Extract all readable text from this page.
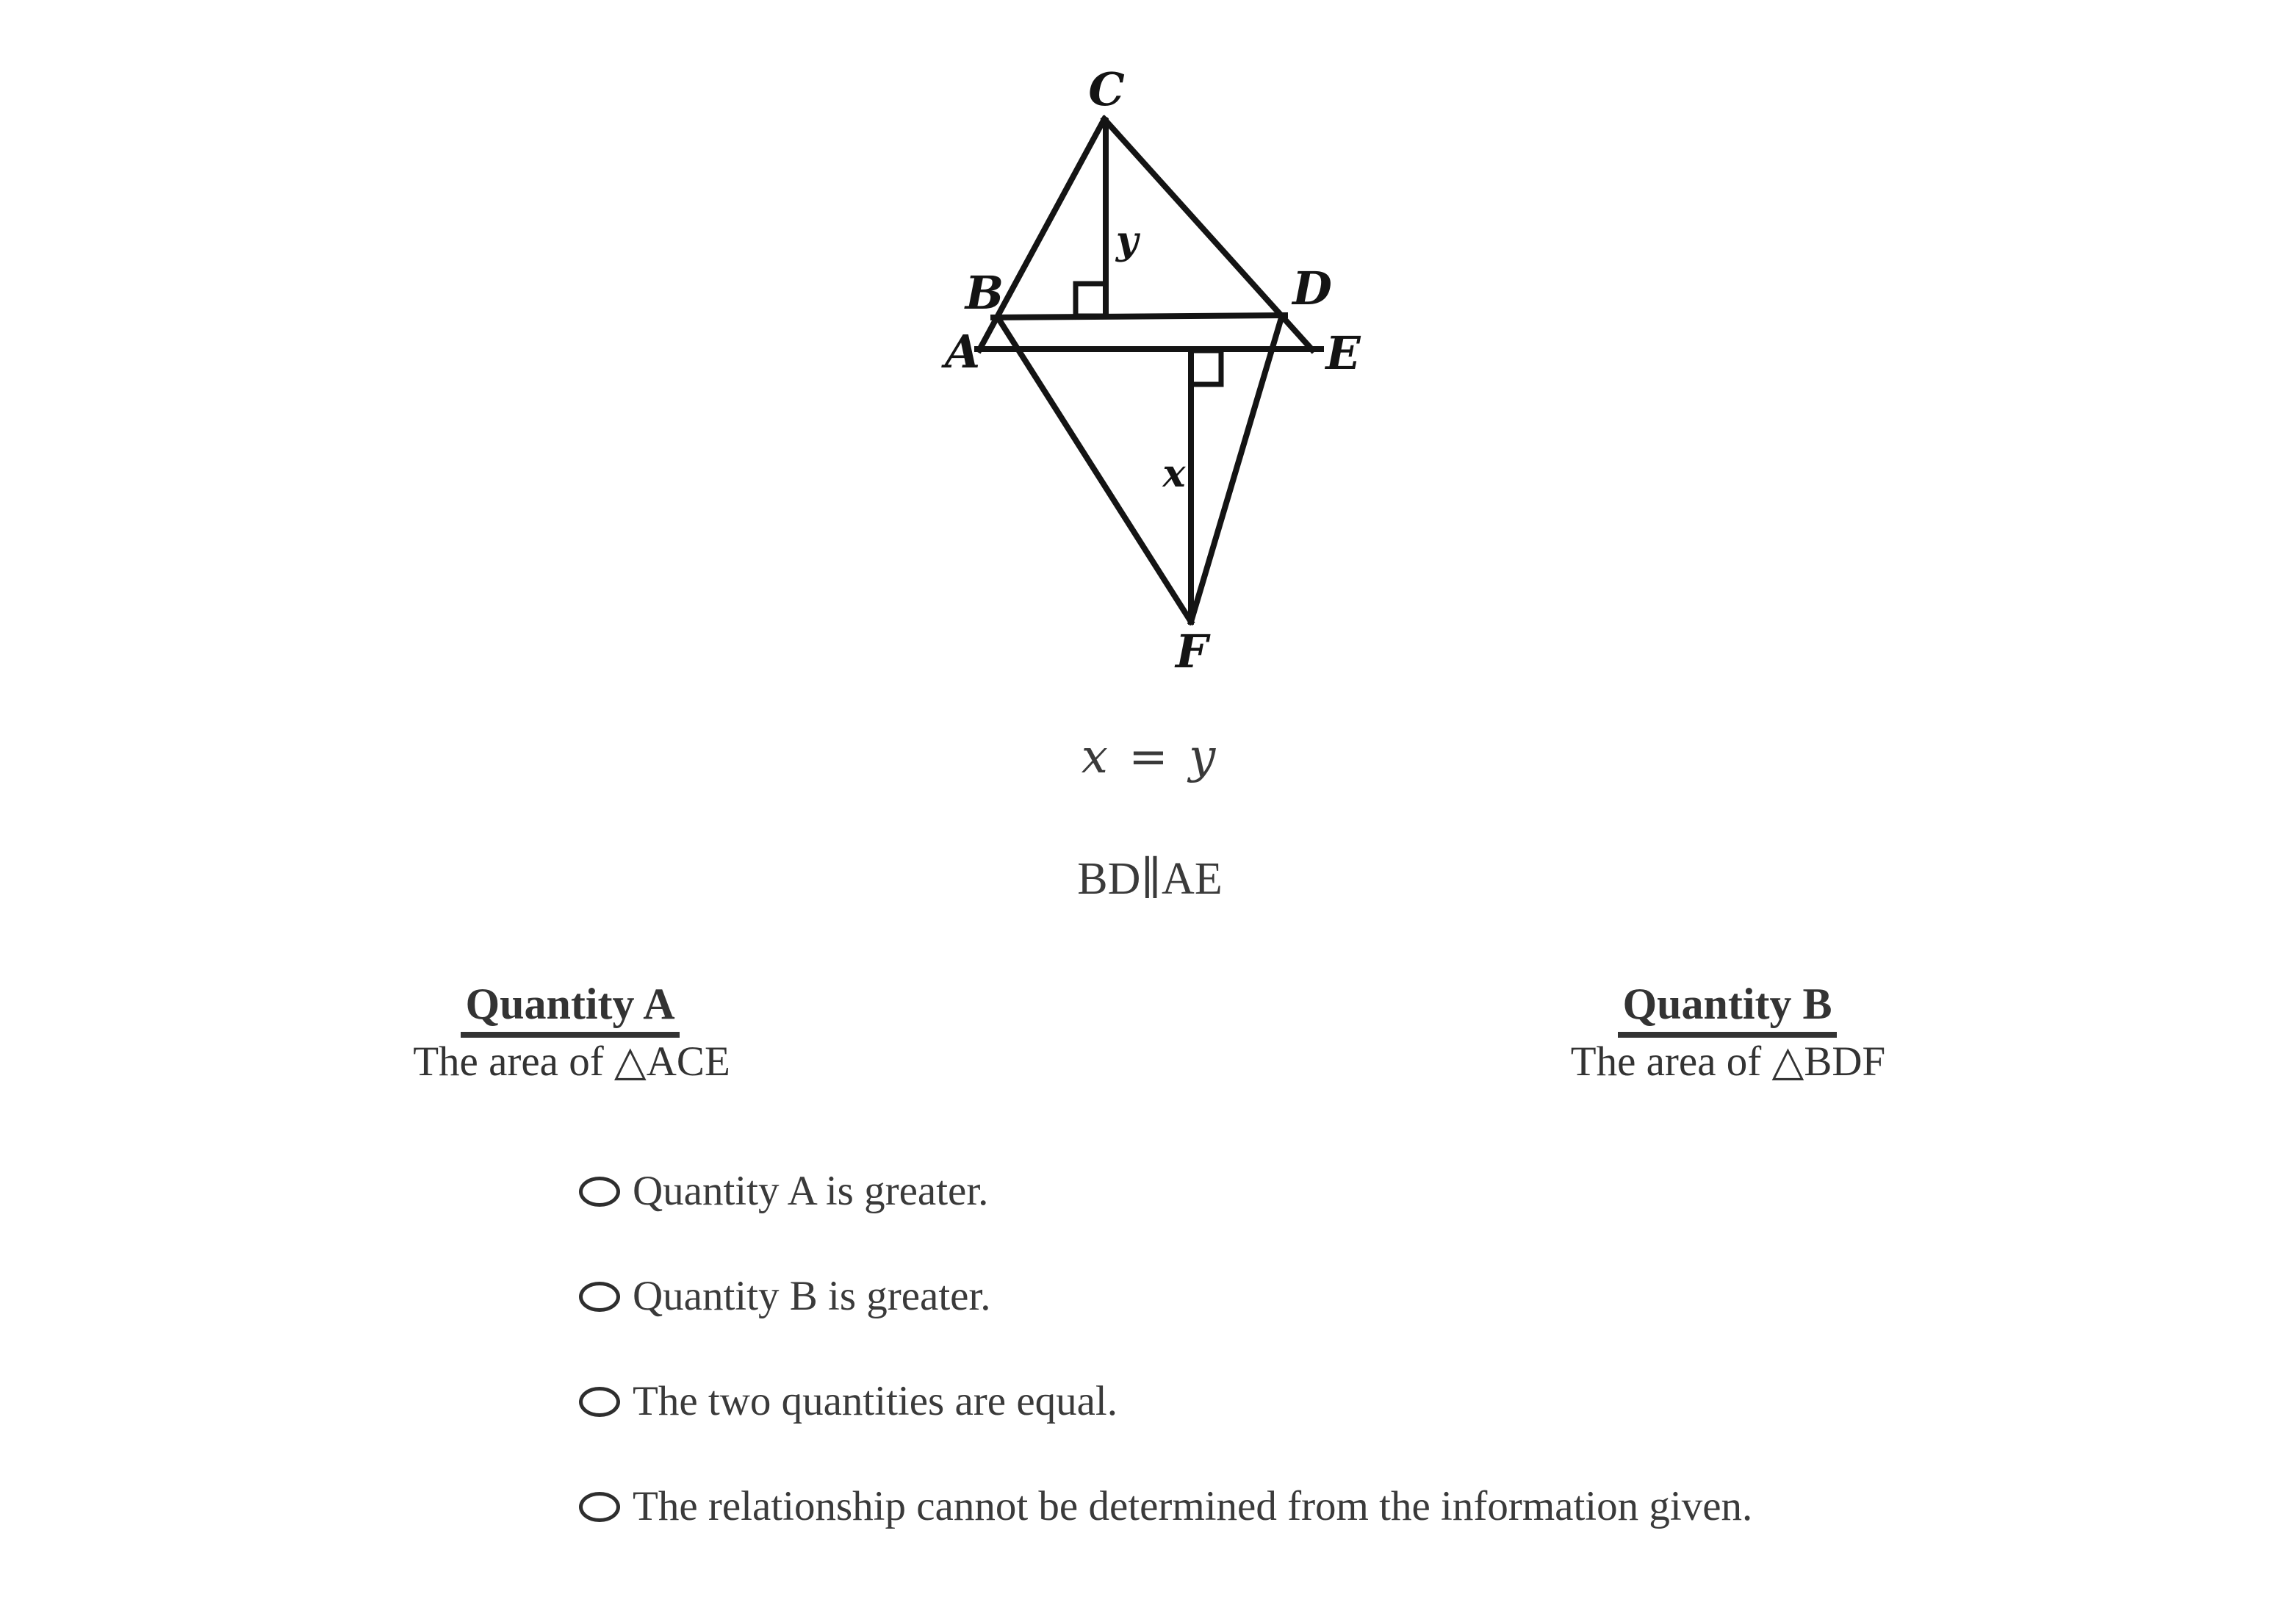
C
B
A
D
E
F
y
x
x = y
BD∥AE
Quantity A	Quantity B
The area of △ACE	The area of △BDF
Quantity A is greater.
Quantity B is greater.
The two quantities are equal.
The relationship cannot be determined from the information given.
